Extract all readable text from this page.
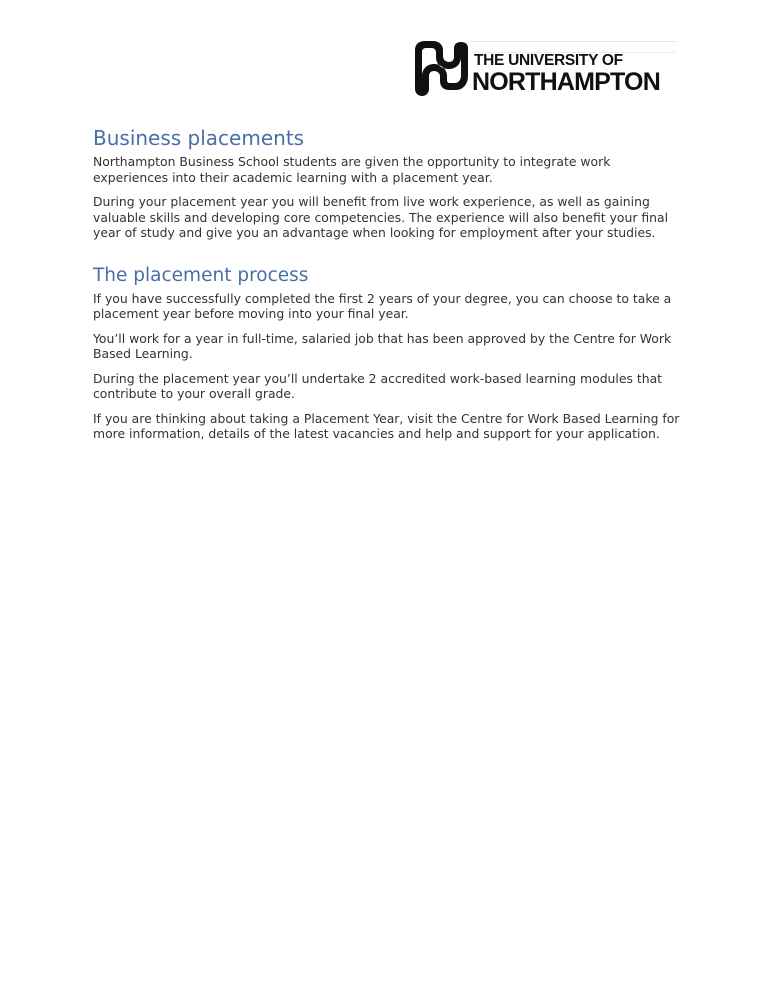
THE UNIVERSITY OF
NORTHAMPTON
Business placements

Northampton Business School students are given the opportunity to integrate work experiences into their academic learning with a placement year.

During your placement year you will benefit from live work experience, as well as gaining valuable skills and developing core competencies. The experience will also benefit your final year of study and give you an advantage when looking for employment after your studies.

The placement process

If you have successfully completed the first 2 years of your degree, you can choose to take a placement year before moving into your final year.

You’ll work for a year in full-time, salaried job that has been approved by the Centre for Work Based Learning.

During the placement year you’ll undertake 2 accredited work-based learning modules that contribute to your overall grade.

If you are thinking about taking a Placement Year, visit the Centre for Work Based Learning for more information, details of the latest vacancies and help and support for your application.
